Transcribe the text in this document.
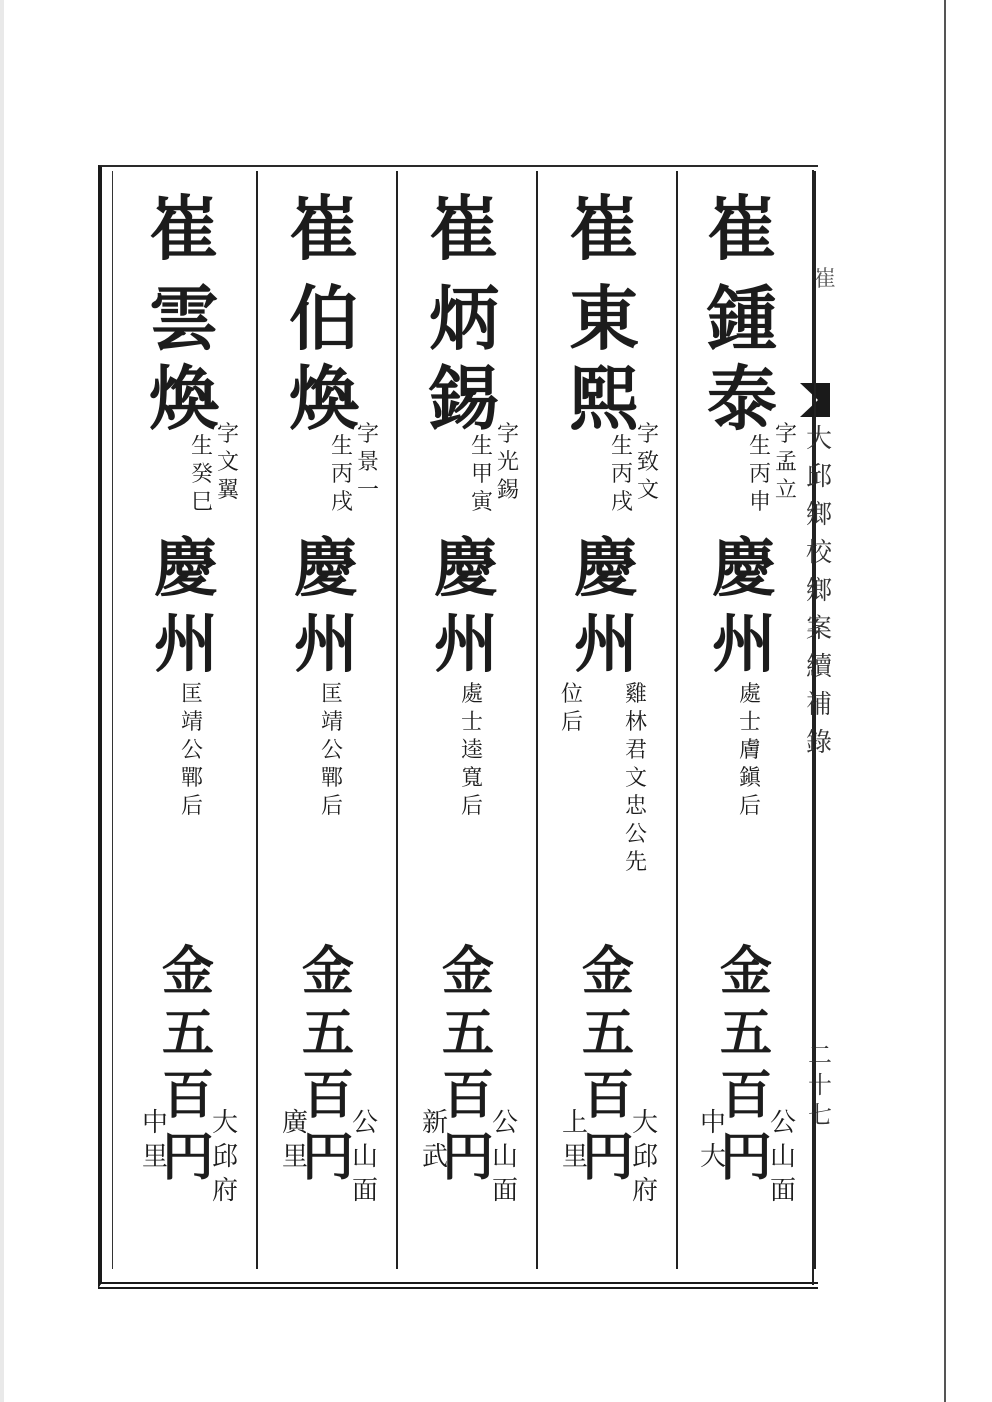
崔
大
邱
鄉
校
鄉
案
續
補
錄
二
十
七
崔
鍾
泰
字孟立
生丙申
慶
州
處士膚鎭后
金
五
百
円
公
山
面
中
大
崔
東
熙
字致文
生丙戌
慶
州
雞林君文忠公先
位后
金
五
百
円
大
邱
府
上
里
崔
炳
錫
字光錫
生甲寅
慶
州
處士逵寬后
金
五
百
円
公
山
面
新
武
崔
伯
煥
字景一
生丙戌
慶
州
匡靖公鄲后
金
五
百
円
公
山
面
廣
里
崔
雲
煥
字文翼
生癸巳
慶
州
匡靖公鄲后
金
五
百
円
大
邱
府
中
里
